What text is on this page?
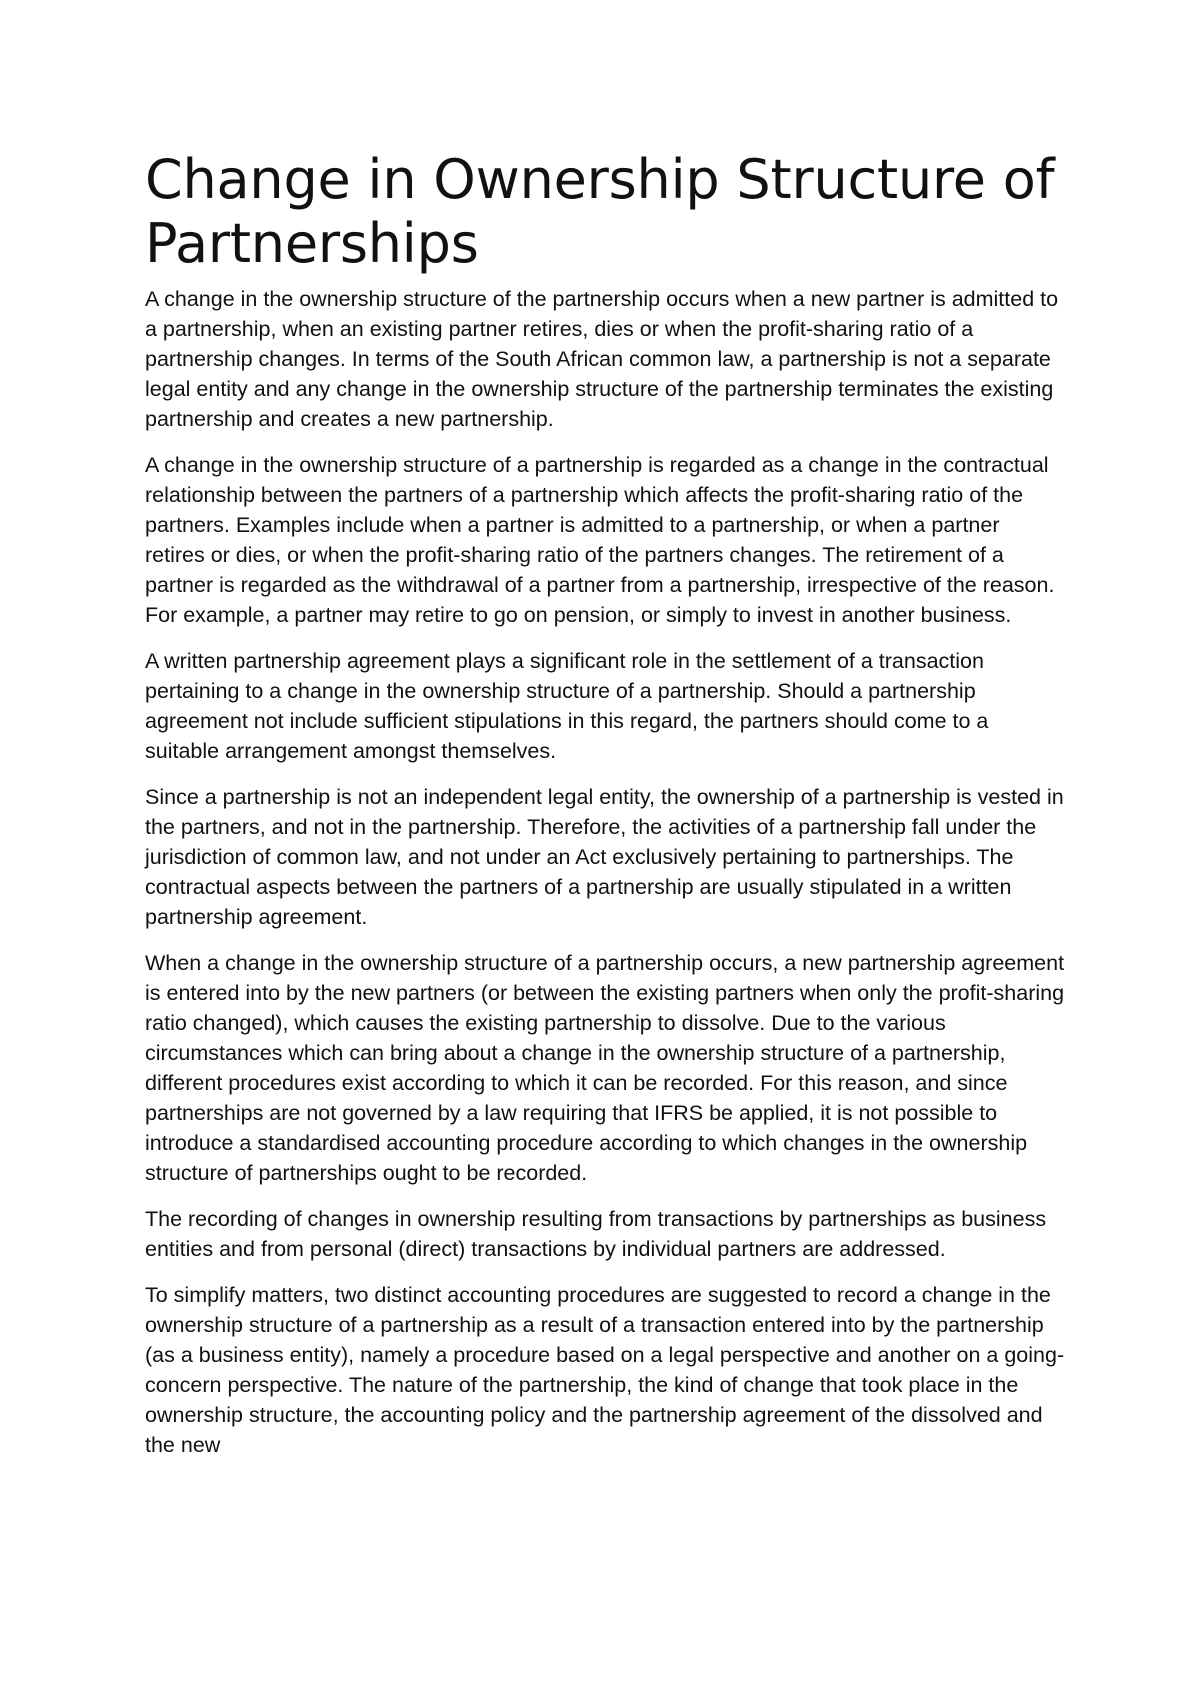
Change in Ownership Structure of Partnerships

A change in the ownership structure of the partnership occurs when a new partner is admitted to a partnership, when an existing partner retires, dies or when the profit-sharing ratio of a partnership changes. In terms of the South African common law, a partnership is not a separate legal entity and any change in the ownership structure of the partnership terminates the existing partnership and creates a new partnership.

A change in the ownership structure of a partnership is regarded as a change in the contractual relationship between the partners of a partnership which affects the profit-sharing ratio of the partners. Examples include when a partner is admitted to a partnership, or when a partner retires or dies, or when the profit-sharing ratio of the partners changes. The retirement of a partner is regarded as the withdrawal of a partner from a partnership, irrespective of the reason. For example, a partner may retire to go on pension, or simply to invest in another business.

A written partnership agreement plays a significant role in the settlement of a transaction pertaining to a change in the ownership structure of a partnership. Should a partnership agreement not include sufficient stipulations in this regard, the partners should come to a suitable arrangement amongst themselves.

Since a partnership is not an independent legal entity, the ownership of a partnership is vested in the partners, and not in the partnership. Therefore, the activities of a partnership fall under the jurisdiction of common law, and not under an Act exclusively pertaining to partnerships. The contractual aspects between the partners of a partnership are usually stipulated in a written partnership agreement.

When a change in the ownership structure of a partnership occurs, a new partnership agreement is entered into by the new partners (or between the existing partners when only the profit-sharing ratio changed), which causes the existing partnership to dissolve. Due to the various circumstances which can bring about a change in the ownership structure of a partnership, different procedures exist according to which it can be recorded. For this reason, and since partnerships are not governed by a law requiring that IFRS be applied, it is not possible to introduce a standardised accounting procedure according to which changes in the ownership structure of partnerships ought to be recorded.

The recording of changes in ownership resulting from transactions by partnerships as business entities and from personal (direct) transactions by individual partners are addressed.

To simplify matters, two distinct accounting procedures are suggested to record a change in the ownership structure of a partnership as a result of a transaction entered into by the partnership (as a business entity), namely a procedure based on a legal perspective and another on a going-concern perspective. The nature of the partnership, the kind of change that took place in the ownership structure, the accounting policy and the partnership agreement of the dissolved and the new
